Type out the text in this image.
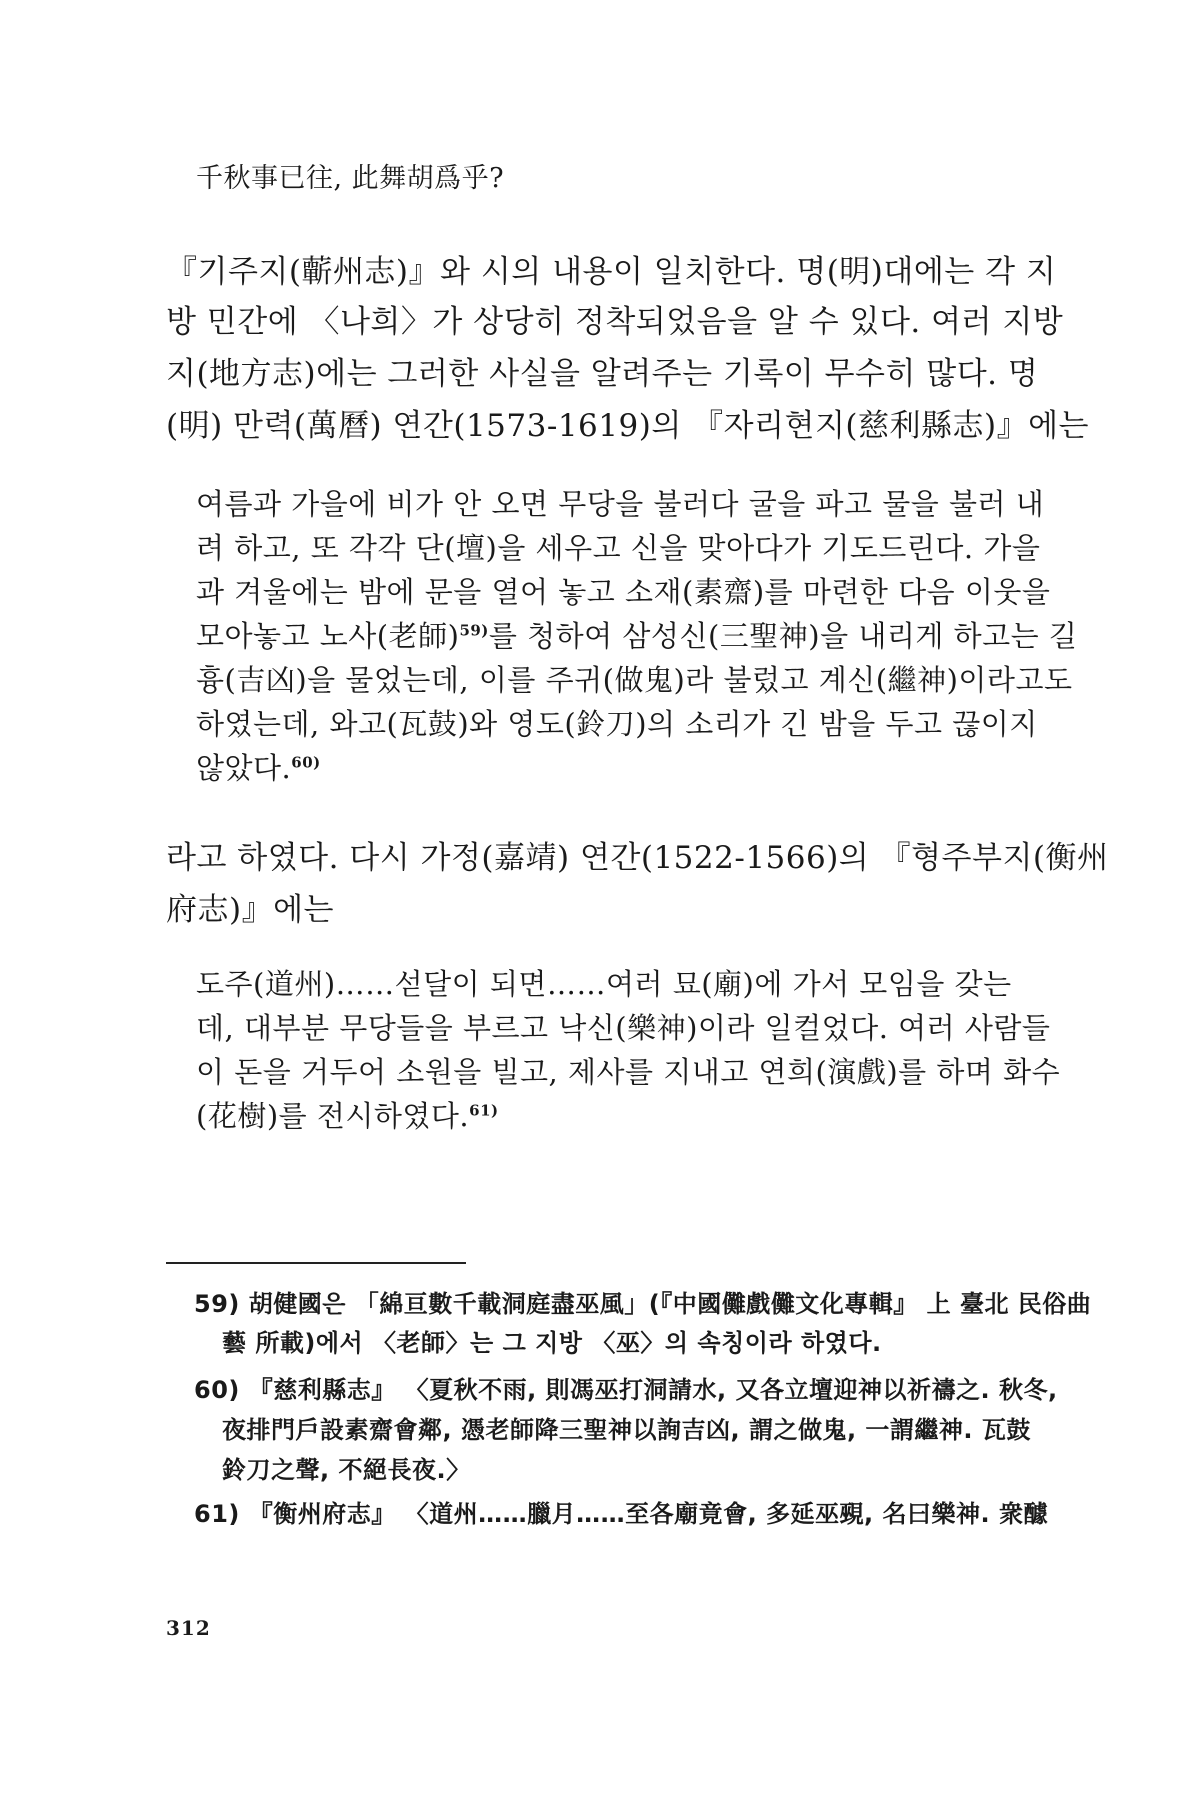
千秋事已往, 此舞胡爲乎?
『기주지(蘄州志)』와 시의 내용이 일치한다. 명(明)대에는 각 지
방 민간에 〈나희〉가 상당히 정착되었음을 알 수 있다. 여러 지방
지(地方志)에는 그러한 사실을 알려주는 기록이 무수히 많다. 명
(明) 만력(萬曆) 연간(1573-1619)의 『자리현지(慈利縣志)』에는
여름과 가을에 비가 안 오면 무당을 불러다 굴을 파고 물을 불러 내
려 하고, 또 각각 단(壇)을 세우고 신을 맞아다가 기도드린다. 가을
과 겨울에는 밤에 문을 열어 놓고 소재(素齋)를 마련한 다음 이웃을
모아놓고 노사(老師)$^{59)}$를 청하여 삼성신(三聖神)을 내리게 하고는 길
흉(吉凶)을 물었는데, 이를 주귀(做鬼)라 불렀고 계신(繼神)이라고도
하였는데, 와고(瓦鼓)와 영도(鈴刀)의 소리가 긴 밤을 두고 끊이지
않았다.$^{60)}$
라고 하였다. 다시 가정(嘉靖) 연간(1522-1566)의 『형주부지(衡州
府志)』에는
도주(道州)……섣달이 되면……여러 묘(廟)에 가서 모임을 갖는
데, 대부분 무당들을 부르고 낙신(樂神)이라 일컬었다. 여러 사람들
이 돈을 거두어 소원을 빌고, 제사를 지내고 연희(演戲)를 하며 화수
(花樹)를 전시하였다.$^{61)}$
59) 胡健國은 「綿亘數千載洞庭盡巫風」(『中國儺戲儺文化專輯』 上 臺北 民俗曲
藝 所載)에서 〈老師〉는 그 지방 〈巫〉의 속칭이라 하였다.
60) 『慈利縣志』 〈夏秋不雨, 則馮巫打洞請水, 又各立壇迎神以祈禱之. 秋冬,
夜排門戶設素齋會鄰, 憑老師降三聖神以詢吉凶, 謂之做鬼, 一謂繼神. 瓦鼓
鈴刀之聲, 不絕長夜.〉
61) 『衡州府志』 〈道州……臘月……至各廟竟會, 多延巫覡, 名曰樂神. 衆醵
312
